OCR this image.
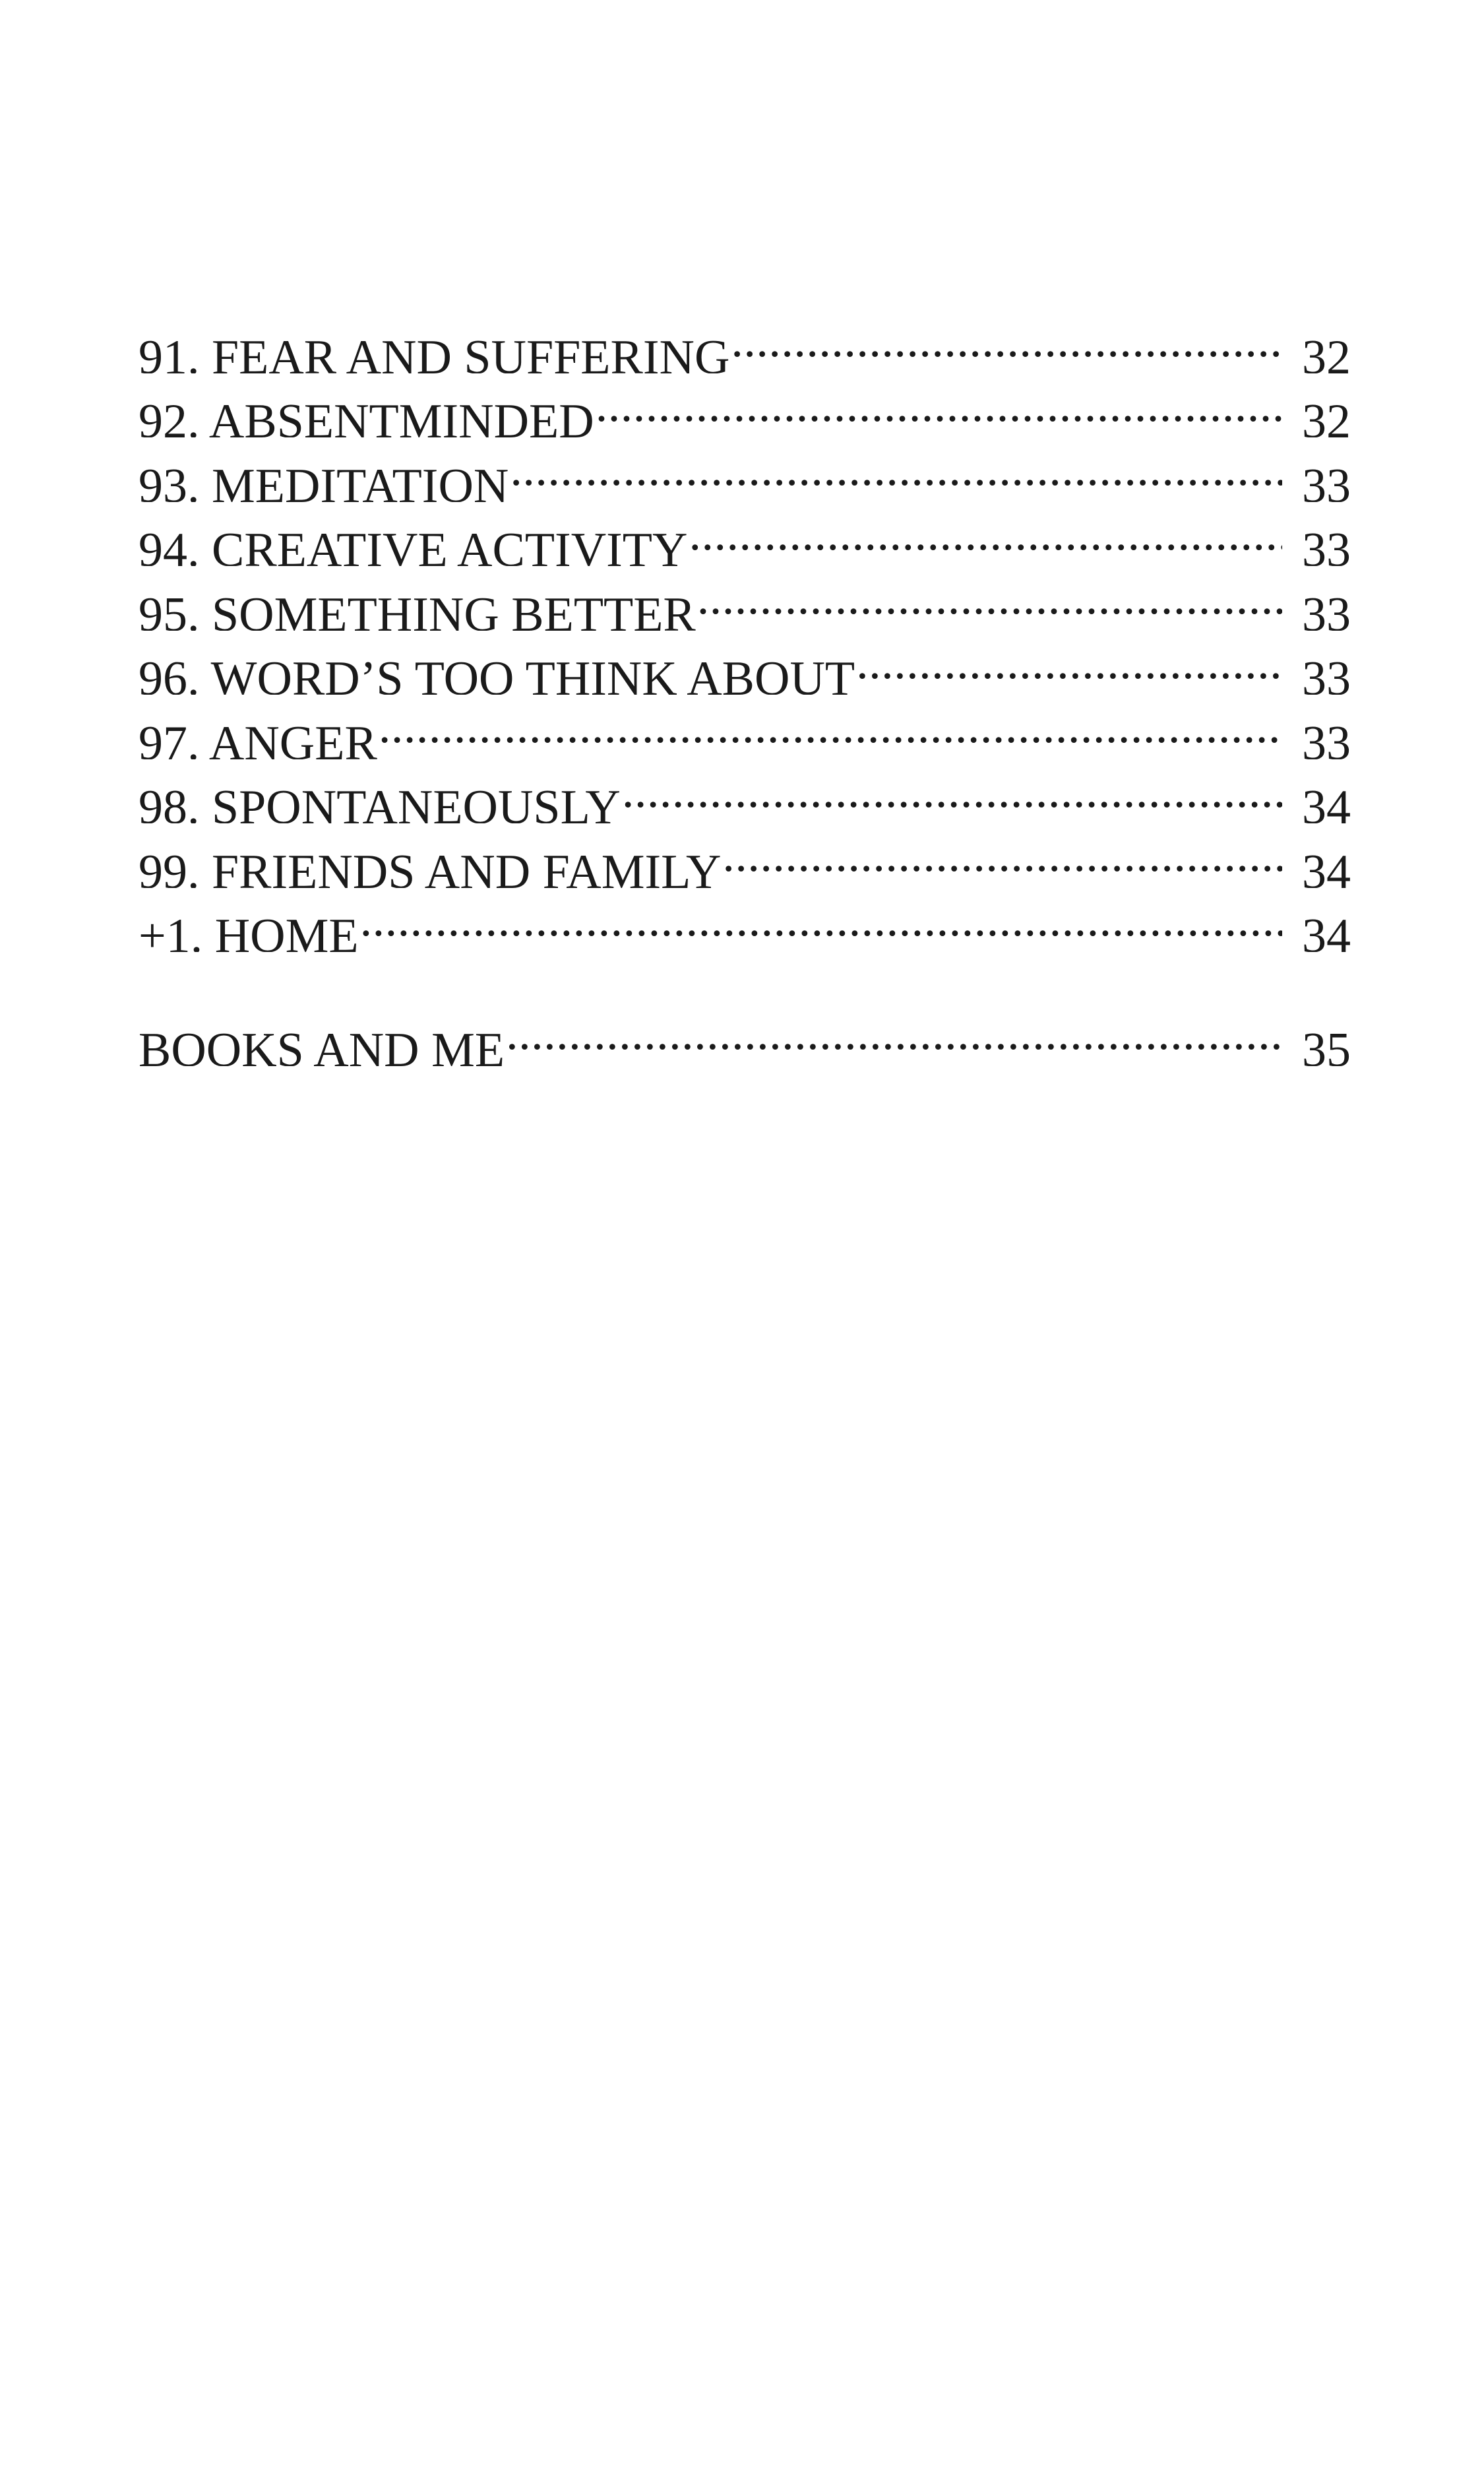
91. FEAR AND SUFFERING . . .	32
92. ABSENTMINDED . . .	32
93. MEDITATION . . .	33
94. CREATIVE ACTIVITY . . .	33
95. SOMETHING BETTER . . .	33
96. WORD’S TOO THINK ABOUT . . .	33
97. ANGER . . .	33
98. SPONTANEOUSLY . . .	34
99. FRIENDS AND FAMILY . . .	34
+1. HOME . . .	34
BOOKS AND ME . . .	35
